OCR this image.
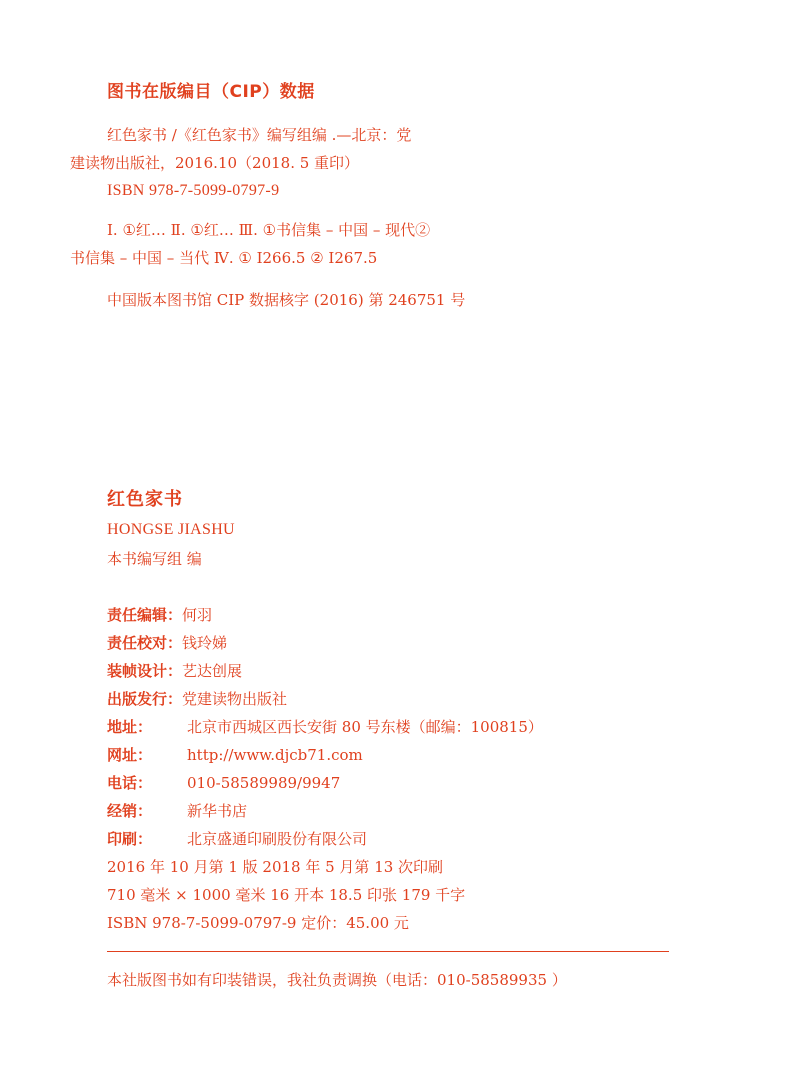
图书在版编目（CIP）数据
红色家书 /《红色家书》编写组编 .—北京：党
建读物出版社，2016.10（2018. 5 重印）
ISBN 978-7-5099-0797-9
Ⅰ. ①红… Ⅱ. ①红… Ⅲ. ①书信集 – 中国 – 现代②
书信集 – 中国 – 当代 Ⅳ. ① I266.5 ② I267.5
中国版本图书馆 CIP 数据核字 (2016) 第 246751 号
红色家书
HONGSE JIASHU
本书编写组 编
责任编辑： 何羽
责任校对： 钱玲娣
装帧设计： 艺达创展
出版发行： 党建读物出版社
地址：	北京市西城区西长安街 80 号东楼（邮编：100815）
网址：	http://www.djcb71.com
电话：	010-58589989/9947
经销：	新华书店
印刷：	北京盛通印刷股份有限公司
2016 年 10 月第 1 版 2018 年 5 月第 13 次印刷
710 毫米 × 1000 毫米 16 开本 18.5 印张 179 千字
ISBN 978-7-5099-0797-9 定价：45.00 元
本社版图书如有印装错误，我社负责调换（电话：010-58589935 ）
